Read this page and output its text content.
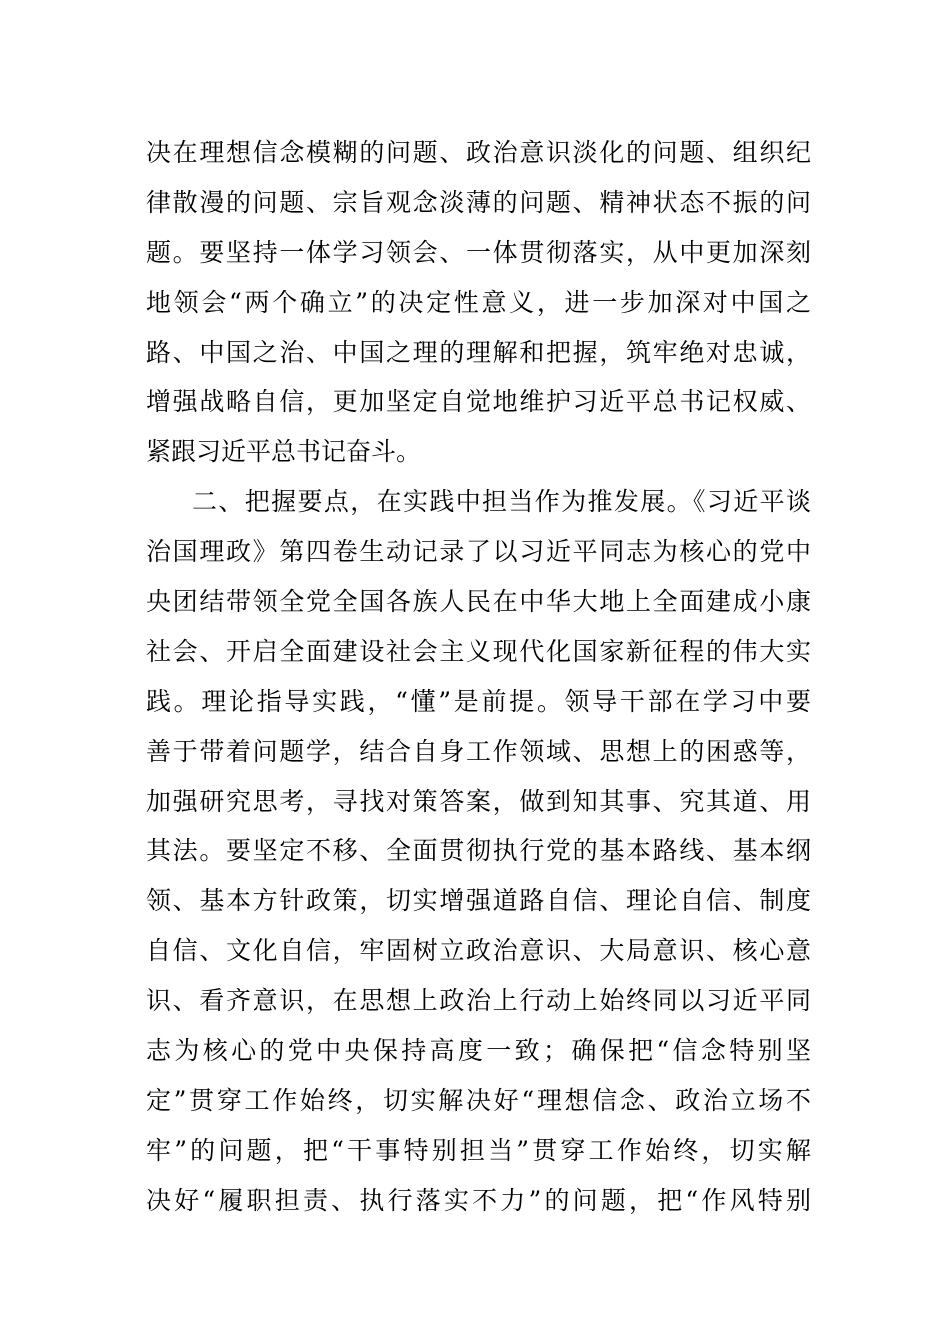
决在理想信念模糊的问题、政治意识淡化的问题、组织纪
律散漫的问题、宗旨观念淡薄的问题、精神状态不振的问
题。要坚持一体学习领会、一体贯彻落实，从中更加深刻
地领会“两个确立”的决定性意义，进一步加深对中国之
路、中国之治、中国之理的理解和把握，筑牢绝对忠诚，
增强战略自信，更加坚定自觉地维护习近平总书记权威、
紧跟习近平总书记奋斗。
二、把握要点，在实践中担当作为推发展。《习近平谈
治国理政》第四卷生动记录了以习近平同志为核心的党中
央团结带领全党全国各族人民在中华大地上全面建成小康
社会、开启全面建设社会主义现代化国家新征程的伟大实
践。理论指导实践，“懂”是前提。领导干部在学习中要
善于带着问题学，结合自身工作领域、思想上的困惑等，
加强研究思考，寻找对策答案，做到知其事、究其道、用
其法。要坚定不移、全面贯彻执行党的基本路线、基本纲
领、基本方针政策，切实增强道路自信、理论自信、制度
自信、文化自信，牢固树立政治意识、大局意识、核心意
识、看齐意识，在思想上政治上行动上始终同以习近平同
志为核心的党中央保持高度一致；确保把“信念特别坚
定”贯穿工作始终，切实解决好“理想信念、政治立场不
牢”的问题，把“干事特别担当”贯穿工作始终，切实解
决好“履职担责、执行落实不力”的问题，把“作风特别
